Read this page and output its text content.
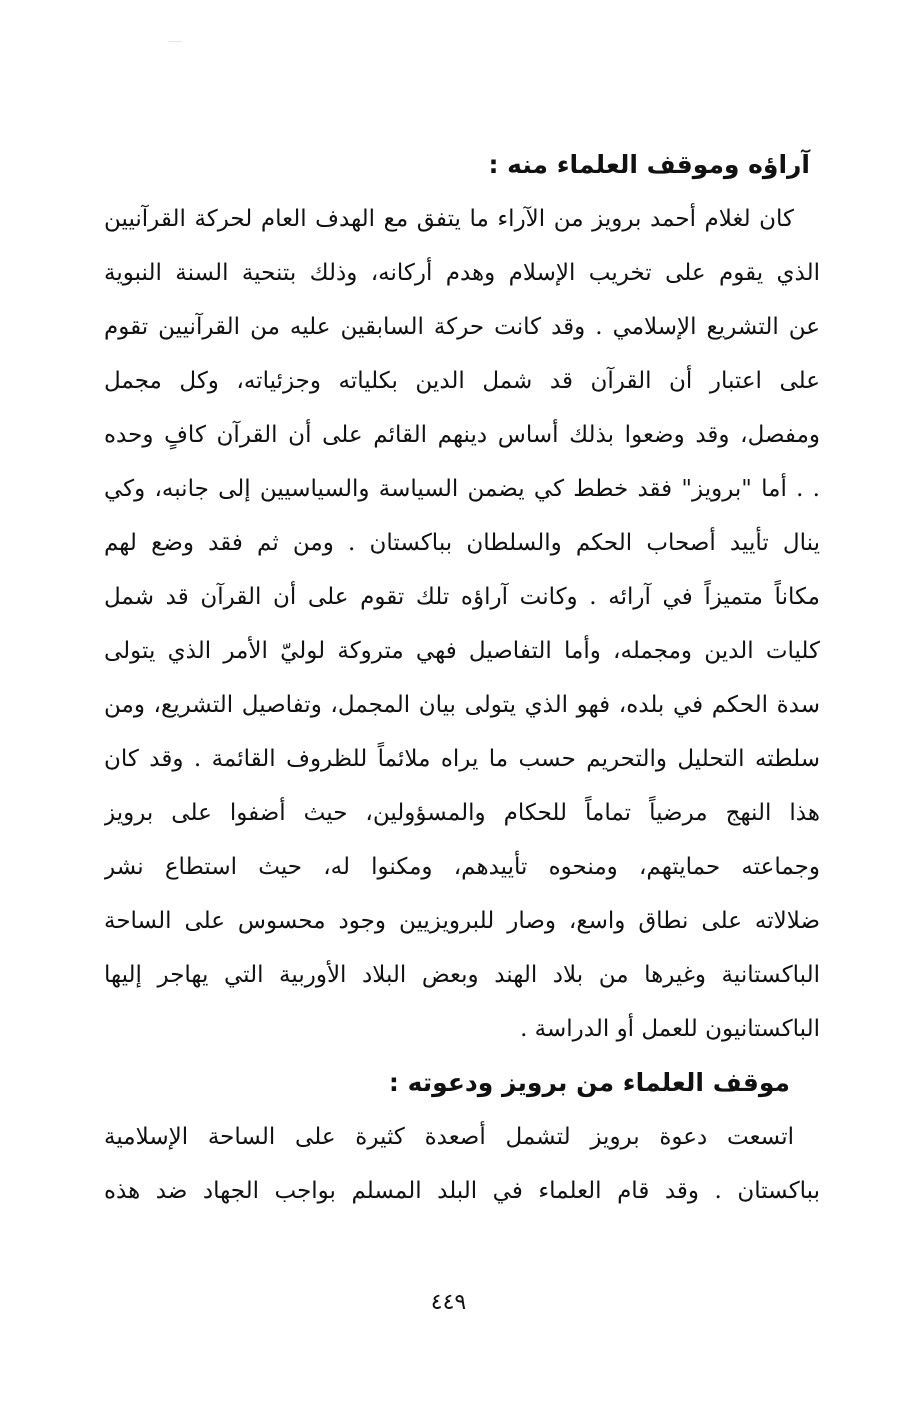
آراؤه وموقف العلماء منه :
كان لغلام أحمد برويز من الآراء ما يتفق مع الهدف العام لحركة القرآنيين
الذي يقوم على تخريب الإسلام وهدم أركانه، وذلك بتنحية السنة النبوية
عن التشريع الإسلامي . وقد كانت حركة السابقين عليه من القرآنيين تقوم
على اعتبار أن القرآن قد شمل الدين بكلياته وجزئياته، وكل مجمل
ومفصل، وقد وضعوا بذلك أساس دينهم القائم على أن القرآن كافٍ وحده
. . أما "برويز" فقد خطط كي يضمن السياسة والسياسيين إلى جانبه، وكي
ينال تأييد أصحاب الحكم والسلطان بباكستان . ومن ثم فقد وضع لهم
مكاناً متميزاً في آرائه . وكانت آراؤه تلك تقوم على أن القرآن قد شمل
كليات الدين ومجمله، وأما التفاصيل فهي متروكة لوليّ الأمر الذي يتولى
سدة الحكم في بلده، فهو الذي يتولى بيان المجمل، وتفاصيل التشريع، ومن
سلطته التحليل والتحريم حسب ما يراه ملائماً للظروف القائمة . وقد كان
هذا النهج مرضياً تماماً للحكام والمسؤولين، حيث أضفوا على برويز
وجماعته حمايتهم، ومنحوه تأييدهم، ومكنوا له، حيث استطاع نشر
ضلالاته على نطاق واسع، وصار للبرويزيين وجود محسوس على الساحة
الباكستانية وغيرها من بلاد الهند وبعض البلاد الأوربية التي يهاجر إليها
الباكستانيون للعمل أو الدراسة .
موقف العلماء من برويز ودعوته :
اتسعت دعوة برويز لتشمل أصعدة كثيرة على الساحة الإسلامية
بباكستان . وقد قام العلماء في البلد المسلم بواجب الجهاد ضد هذه
٤٤٩
